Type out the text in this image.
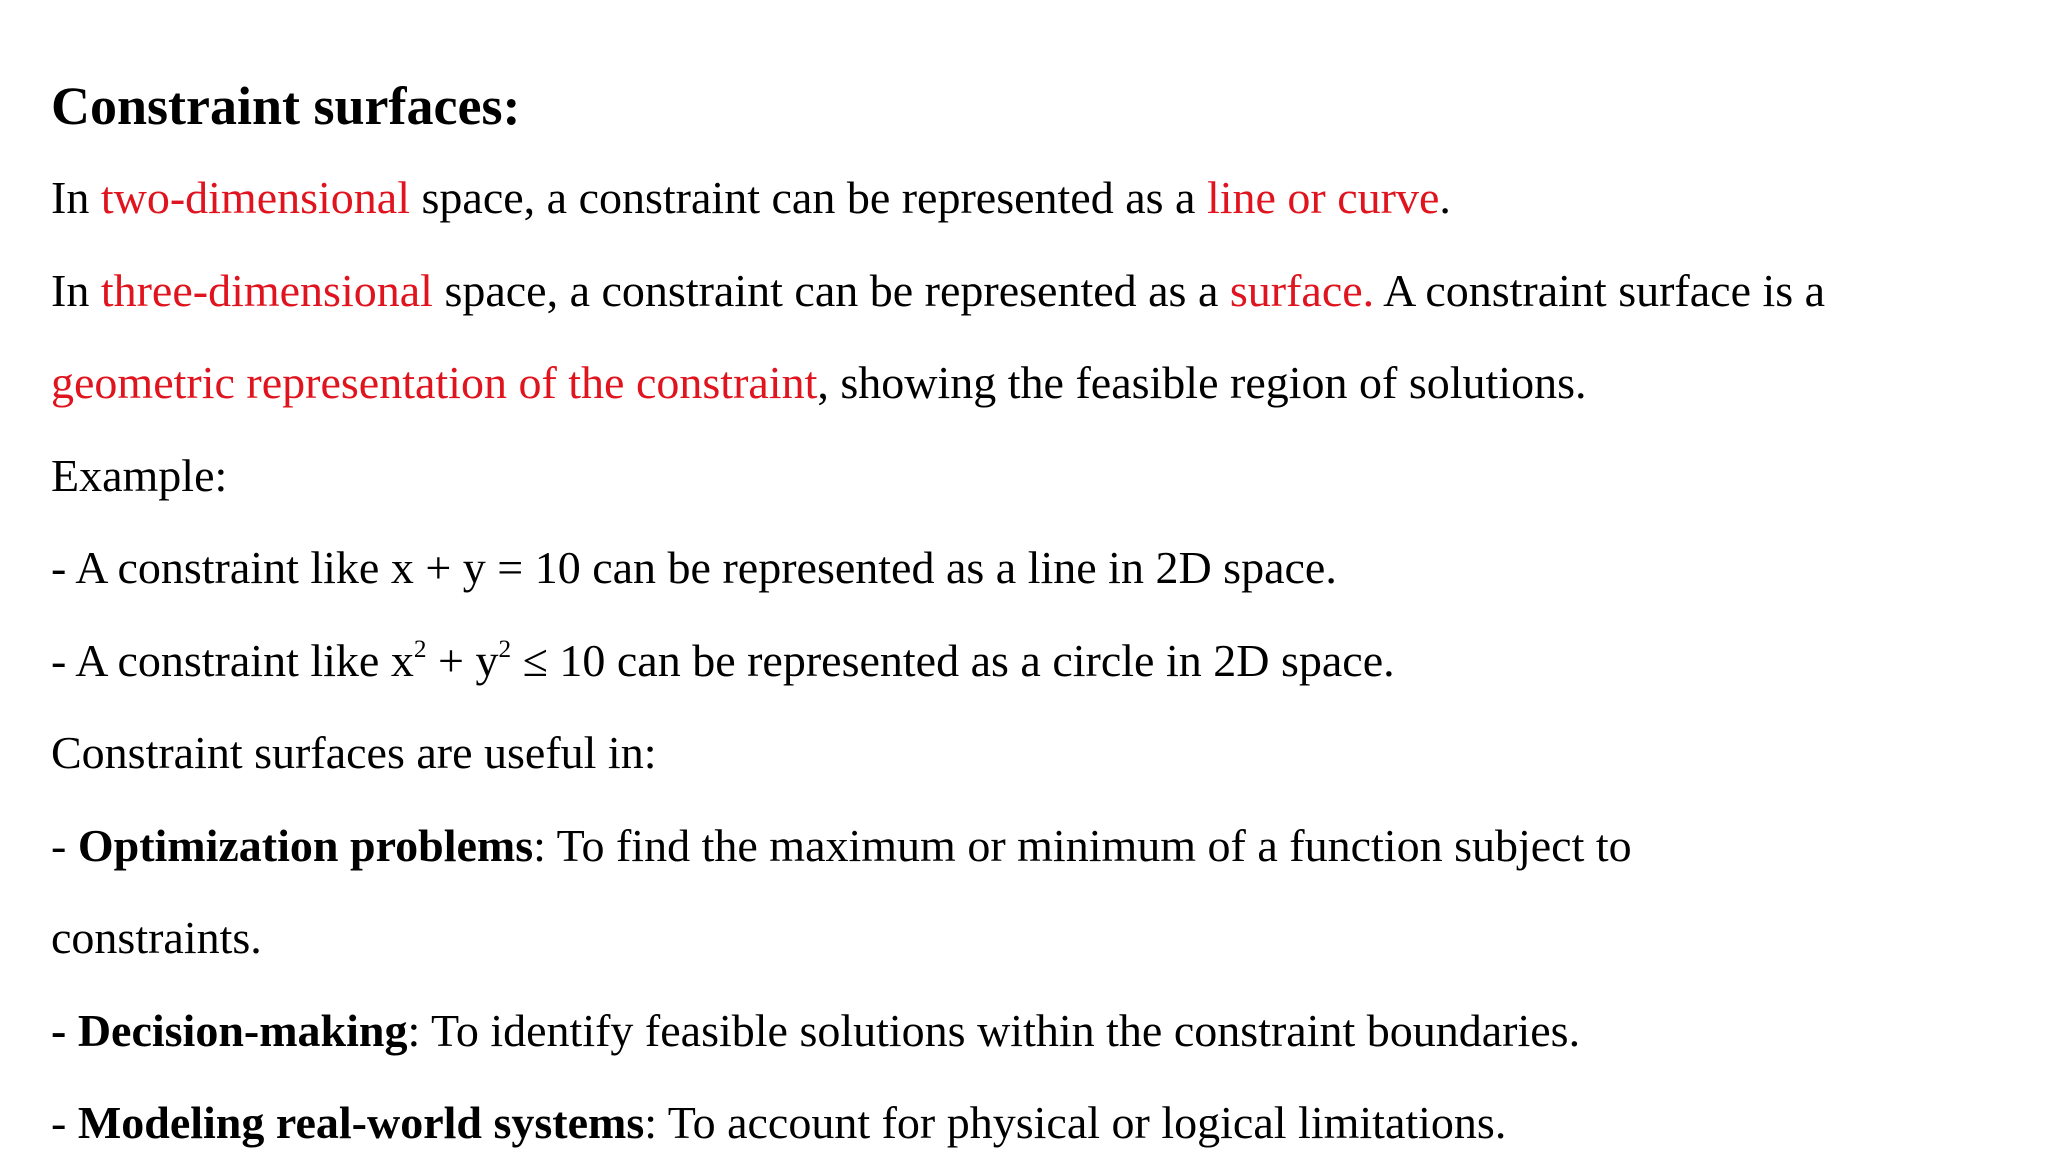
Constraint surfaces:
In two-dimensional space, a constraint can be represented as a line or curve.
In three-dimensional space, a constraint can be represented as a surface. A constraint surface is a
geometric representation of the constraint, showing the feasible region of solutions.
Example:
- A constraint like x + y = 10 can be represented as a line in 2D space.
- A constraint like $x^2 + y^2 \le 10$ can be represented as a circle in 2D space.
Constraint surfaces are useful in:
- Optimization problems: To find the maximum or minimum of a function subject to
constraints.
- Decision-making: To identify feasible solutions within the constraint boundaries.
- Modeling real-world systems: To account for physical or logical limitations.
